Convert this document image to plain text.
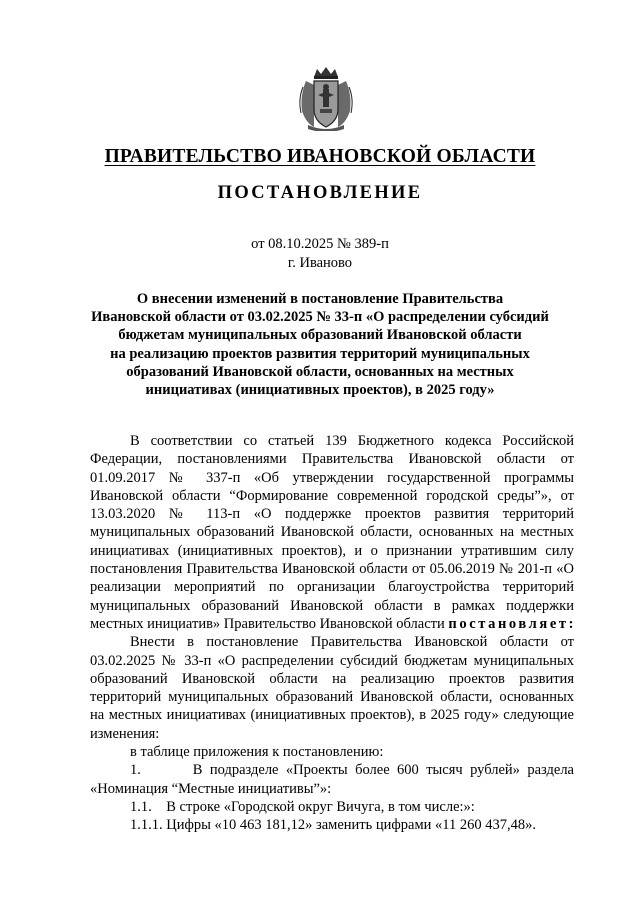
ПРАВИТЕЛЬСТВО ИВАНОВСКОЙ ОБЛАСТИ
ПОСТАНОВЛЕНИЕ
от 08.10.2025 № 389-п
г. Иваново
О внесении изменений в постановление Правительства
Ивановской области от 03.02.2025 № 33-п «О распределении субсидий
бюджетам муниципальных образований Ивановской области
на реализацию проектов развития территорий муниципальных
образований Ивановской области, основанных на местных
инициативах (инициативных проектов), в 2025 году»

В соответствии со статьей 139 Бюджетного кодекса Российской Федерации, постановлениями Правительства Ивановской области от 01.09.2017 № 337-п «Об утверждении государственной программы Ивановской области “Формирование современной городской среды”», от 13.03.2020 № 113-п «О поддержке проектов развития территорий муниципальных образований Ивановской области, основанных на местных инициативах (инициативных проектов), и о признании утратившим силу постановления Правительства Ивановской области от 05.06.2019 № 201-п «О реализации мероприятий по организации благоустройства территорий муниципальных образований Ивановской области в рамках поддержки местных инициатив» Правительство Ивановской области постановляет:

Внести в постановление Правительства Ивановской области от 03.02.2025 № 33-п «О распределении субсидий бюджетам муниципальных образований Ивановской области на реализацию проектов развития территорий муниципальных образований Ивановской области, основанных на местных инициативах (инициативных проектов), в 2025 году» следующие изменения:

в таблице приложения к постановлению:

1.       В подразделе «Проекты более 600 тысяч рублей» раздела «Номинация “Местные инициативы”»:

1.1.    В строке «Городской округ Вичуга, в том числе:»:

1.1.1. Цифры «10 463 181,12» заменить цифрами «11 260 437,48».
